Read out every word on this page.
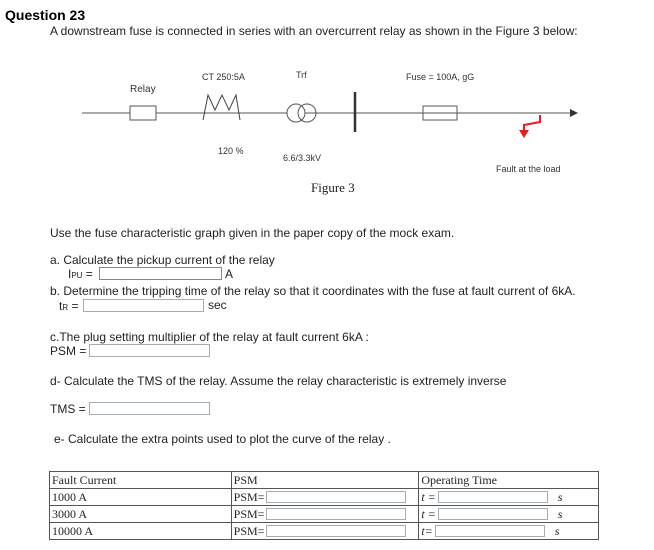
Question 23
A downstream fuse is connected in series with an overcurrent relay as shown in the Figure 3 below:
Relay
CT 250:5A
120 %
Trf
6.6/3.3kV
Fuse = 100A, gG
Fault at the load
Figure 3
Use the fuse characteristic graph given in the paper copy of the mock exam.
a. Calculate the pickup current of the relay
IPU =	A
b. Determine the tripping time of the relay so that it coordinates with the fuse at fault current of 6kA.
tR =	sec
c.The plug setting multiplier of the relay at fault current 6kA :
PSM =
d- Calculate the TMS of the relay. Assume the relay characteristic is extremely inverse
TMS =
e- Calculate the extra points used to plot the curve of the relay .
Fault Current	PSM	Operating Time
1000 A	PSM=	t = s

3000 A	PSM=	t = s

10000 A	PSM=	t= s
